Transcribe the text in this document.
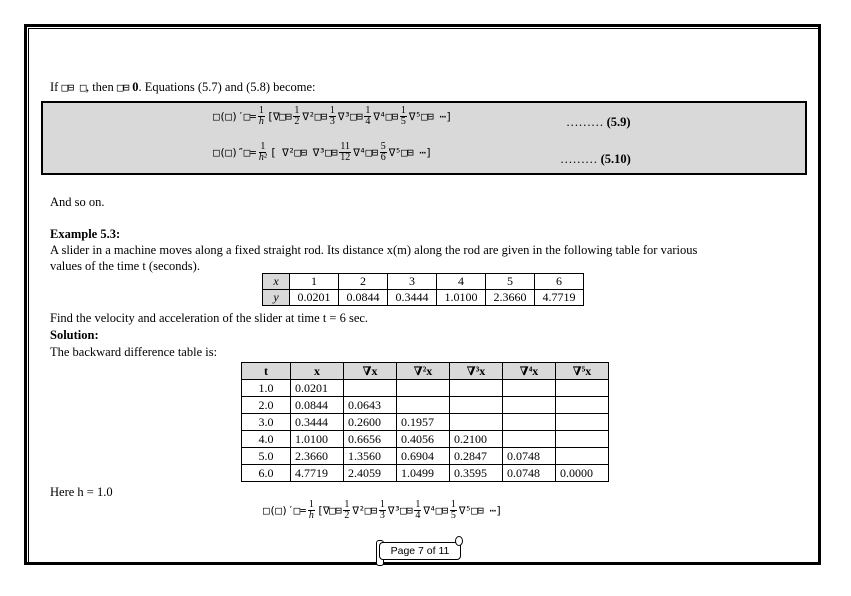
If □⊟ □, then □⊟ 0. Equations (5.7) and (5.8) become:
□(□)′□= $\frac{1}{h}$ [∇□⊟ $\frac{1}{2}$ ∇²□⊟ $\frac{1}{3}$ ∇³□⊟ $\frac{1}{4}$ ∇⁴□⊟ $\frac{1}{5}$ ∇⁵□⊟ ⋯]	……… (5.9)
□(□)″□= $\frac{1}{\text{h²}}$ [ ∇²□⊟ ∇³□⊟ $\frac{11}{12}$ ∇⁴□⊟ $\frac{5}{6}$ ∇⁵□⊟ ⋯]	……… (5.10)
And so on.
Example 5.3:
A slider in a machine moves along a fixed straight rod. Its distance x(m) along the rod are given in the following table for various
values of the time t (seconds).
x	1	2	3	4	5	6
y	0.0201	0.0844	0.3444	1.0100	2.3660	4.7719
Find the velocity and acceleration of the slider at time t = 6 sec.
Solution:
The backward difference table is:
t	x	∇x	∇²x	∇³x	∇⁴x	∇⁵x
1.0	0.0201					
2.0	0.0844	0.0643				
3.0	0.3444	0.2600	0.1957			
4.0	1.0100	0.6656	0.4056	0.2100		
5.0	2.3660	1.3560	0.6904	0.2847	0.0748	
6.0	4.7719	2.4059	1.0499	0.3595	0.0748	0.0000
Here h = 1.0
□(□)′□= $\frac{1}{h}$ [∇□⊟ $\frac{1}{2}$ ∇²□⊟ $\frac{1}{3}$ ∇³□⊟ $\frac{1}{4}$ ∇⁴□⊟ $\frac{1}{5}$ ∇⁵□⊟ ⋯]
Page 7 of 11
